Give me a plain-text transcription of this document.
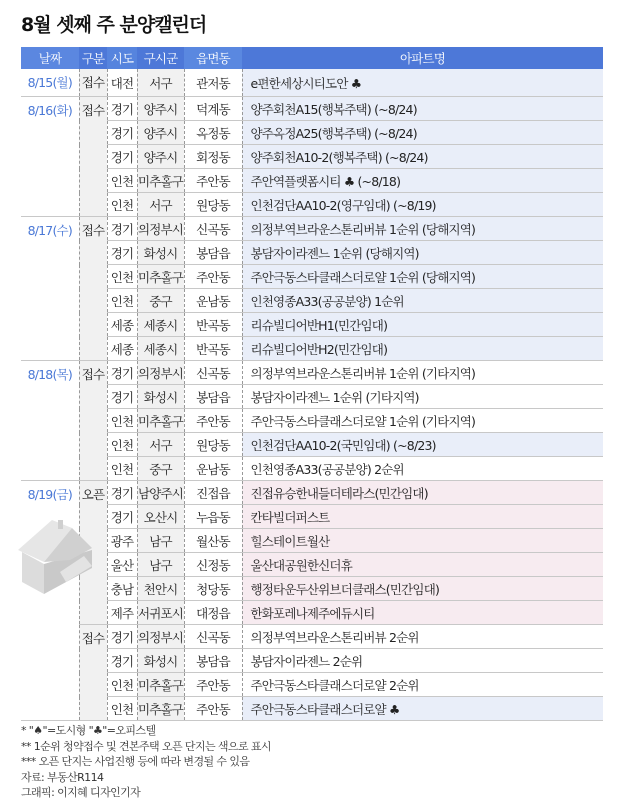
8월 셋째 주 분양캘린더
날짜	구분	시도	구시군	읍면동	아파트명
8/15(월)	접수	대전	서구	관저동	e편한세상시티도안 ♣
8/16(화)	접수	경기	양주시	덕계동	양주회천A15(행복주택) (~8/24)
		경기	양주시	옥정동	양주옥정A25(행복주택) (~8/24)
		경기	양주시	회정동	양주회천A10-2(행복주택) (~8/24)
		인천	미추홀구	주안동	주안역플랫폼시티 ♣ (~8/18)
		인천	서구	원당동	인천검단AA10-2(영구임대) (~8/19)
8/17(수)	접수	경기	의정부시	신곡동	의정부역브라운스톤리버뷰 1순위 (당해지역)
		경기	화성시	봉담읍	봉담자이라젠느 1순위 (당해지역)
		인천	미추홀구	주안동	주안극동스타클래스더로얄 1순위 (당해지역)
		인천	중구	운남동	인천영종A33(공공분양) 1순위
		세종	세종시	반곡동	리슈빌디어반H1(민간임대)
		세종	세종시	반곡동	리슈빌디어반H2(민간임대)
8/18(목)	접수	경기	의정부시	신곡동	의정부역브라운스톤리버뷰 1순위 (기타지역)
		경기	화성시	봉담읍	봉담자이라젠느 1순위 (기타지역)
		인천	미추홀구	주안동	주안극동스타클래스더로얄 1순위 (기타지역)
		인천	서구	원당동	인천검단AA10-2(국민임대) (~8/23)
		인천	중구	운남동	인천영종A33(공공분양) 2순위
8/19(금)	오픈	경기	남양주시	진접읍	진접유승한내들더테라스(민간임대)
		경기	오산시	누읍동	칸타빌더퍼스트
		광주	남구	월산동	힐스테이트월산
		울산	남구	신정동	울산대공원한신더휴
		충남	천안시	청당동	행정타운두산위브더클래스(민간임대)
		제주	서귀포시	대정읍	한화포레나제주에듀시티
	접수	경기	의정부시	신곡동	의정부역브라운스톤리버뷰 2순위
		경기	화성시	봉담읍	봉담자이라젠느 2순위
		인천	미추홀구	주안동	주안극동스타클래스더로얄 2순위
		인천	미추홀구	주안동	주안극동스타클래스더로얄 ♣
* "♠"=도시형 "♣"=오피스텔
** 1순위 청약접수 및 견본주택 오픈 단지는 색으로 표시
*** 오픈 단지는 사업진행 등에 따라 변경될 수 있음
자료: 부동산R114
그래픽: 이지혜 디자인기자
